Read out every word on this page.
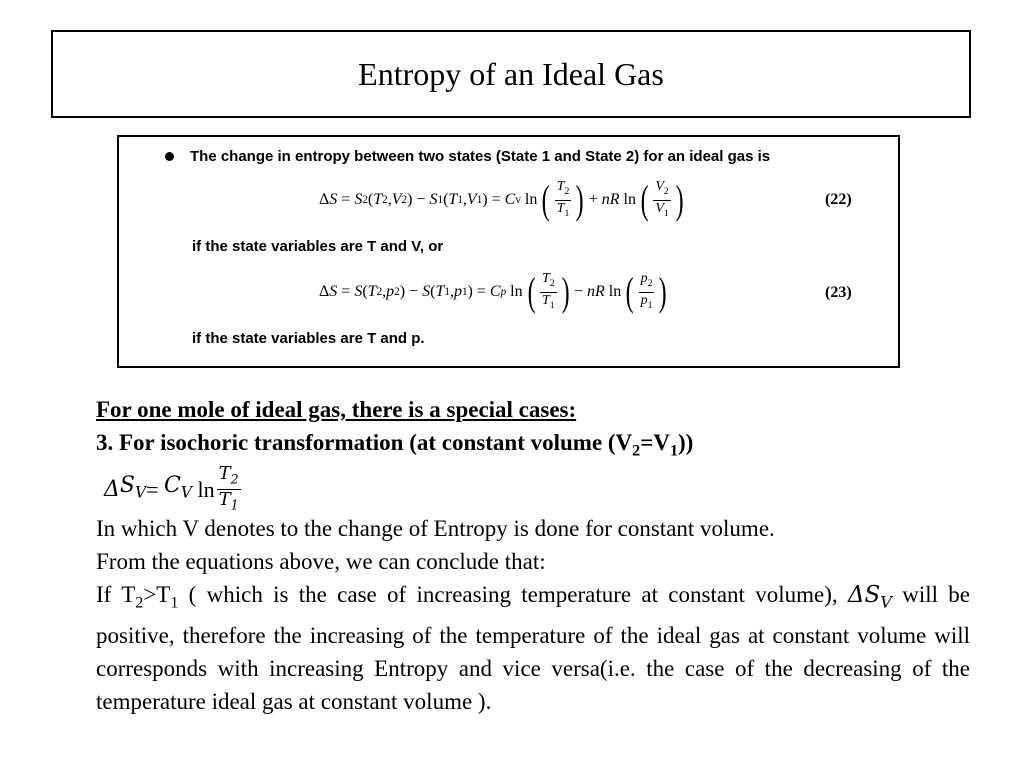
Entropy of an Ideal Gas
The change in entropy between two states (State 1 and State 2) for an ideal gas is
Δ S = S 2 ( T 2 , V 2 ) − S 1 ( T 1 , V 1 ) = C v ln ( $\frac{T_2}{T_1}$ ) + nR ln ( $\frac{V_2}{V_1}$ )	(22)
if the state variables are T and V, or
Δ S = S ( T 2 , p 2 ) − S ( T 1 , p 1 ) = C p ln ( $\frac{T_2}{T_1}$ ) − nR ln ( $\frac{p_2}{p_1}$ )	(23)
if the state variables are T and p.
For one mole of ideal gas, there is a special cases:
3. For isochoric transformation (at constant volume $(V_2=V_1)$)
Δ $S_V = C_V$ ln
$T_2$
$T_1$
In which V denotes to the change of Entropy is done for constant volume.
From the equations above, we can conclude that:
If $T_2>T_1$ ( which is the case of increasing temperature at constant volume), $\Delta S_V$ will be positive, therefore the increasing of the temperature of the ideal gas at constant volume will corresponds with increasing Entropy and vice versa(i.e. the case of the decreasing of the temperature ideal gas at constant volume ).
